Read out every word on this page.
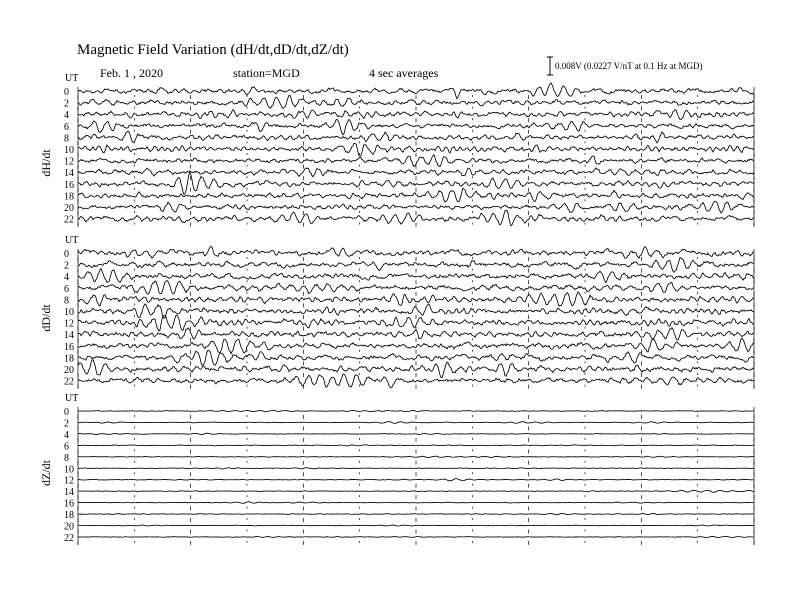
Magnetic Field Variation (dH/dt,dD/dt,dZ/dt)
Feb. 1 , 2020	station=MGD	4 sec averages	0.008V (0.0227 V/nT at 0.1 Hz at MGD)
UT
dH/dt
0
2
4
6
8
10
12
14
16
18
20
22
UT
dD/dt
0
2
4
6
8
10
12
14
16
18
20
22
UT
dZ/dt
0
2
4
6
8
10
12
14
16
18
20
22
